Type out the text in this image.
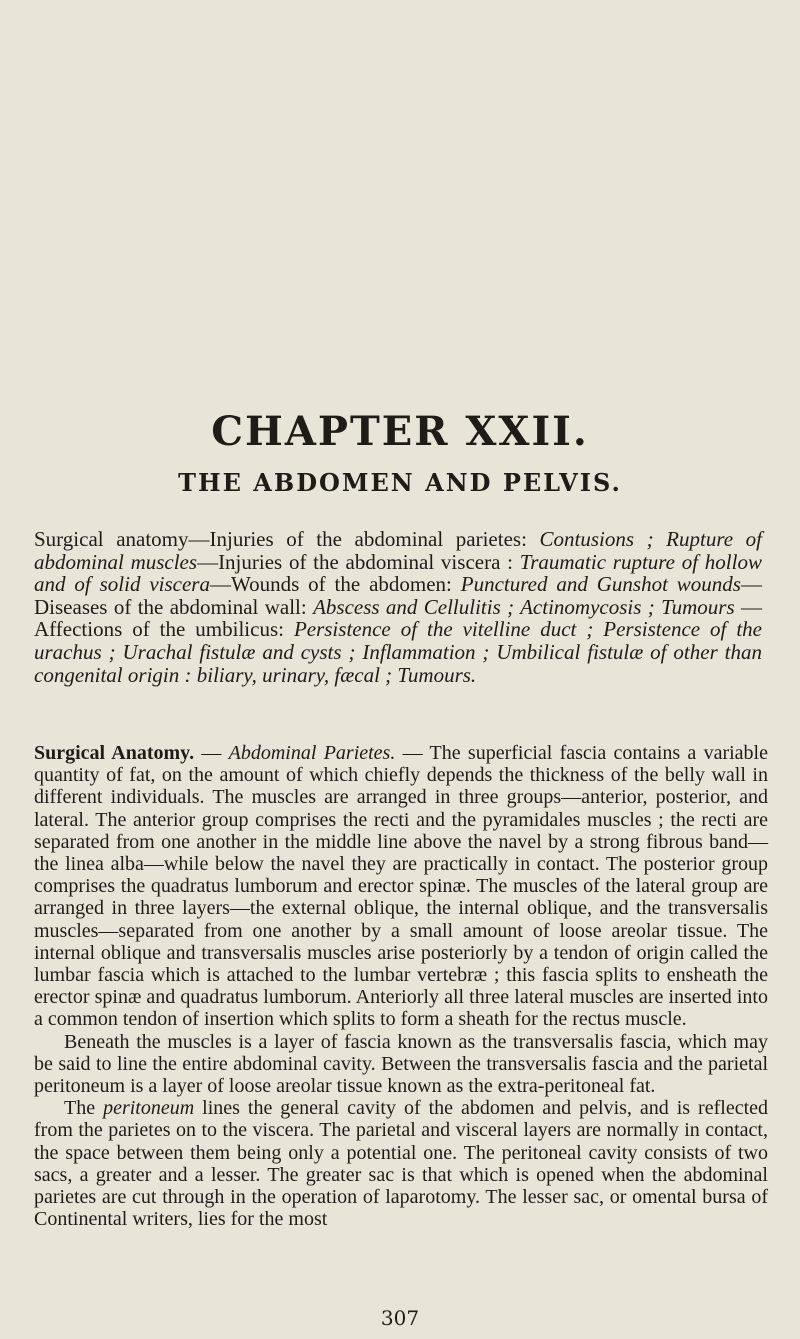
CHAPTER XXII.
THE ABDOMEN AND PELVIS.

Surgical anatomy—Injuries of the abdominal parietes: Contusions ; Rupture of abdominal muscles—Injuries of the abdominal viscera : Traumatic rupture of hollow and of solid viscera—Wounds of the abdomen: Punctured and Gunshot wounds— Diseases of the abdominal wall: Abscess and Cellulitis ; Actinomycosis ; Tumours —Affections of the umbilicus: Persistence of the vitelline duct ; Persistence of the urachus ; Urachal fistulæ and cysts ; Inflammation ; Umbilical fistulæ of other than congenital origin : biliary, urinary, fæcal ; Tumours.

Surgical Anatomy. — Abdominal Parietes. — The superficial fascia contains a variable quantity of fat, on the amount of which chiefly depends the thickness of the belly wall in different individuals. The muscles are arranged in three groups—anterior, posterior, and lateral. The anterior group comprises the recti and the pyramidales muscles ; the recti are separated from one another in the middle line above the navel by a strong fibrous band—the linea alba—while below the navel they are practically in contact. The posterior group comprises the quadratus lumborum and erector spinæ. The muscles of the lateral group are arranged in three layers—the external oblique, the internal oblique, and the transversalis muscles—separated from one another by a small amount of loose areolar tissue. The internal oblique and transversalis muscles arise posteriorly by a tendon of origin called the lumbar fascia which is attached to the lumbar vertebræ ; this fascia splits to ensheath the erector spinæ and quadratus lumborum. Anteriorly all three lateral muscles are inserted into a common tendon of insertion which splits to form a sheath for the rectus muscle.

Beneath the muscles is a layer of fascia known as the transversalis fascia, which may be said to line the entire abdominal cavity. Between the transversalis fascia and the parietal peritoneum is a layer of loose areolar tissue known as the extra-peritoneal fat.

The peritoneum lines the general cavity of the abdomen and pelvis, and is reflected from the parietes on to the viscera. The parietal and visceral layers are normally in contact, the space between them being only a potential one. The peritoneal cavity consists of two sacs, a greater and a lesser. The greater sac is that which is opened when the abdominal parietes are cut through in the operation of laparotomy. The lesser sac, or omental bursa of Continental writers, lies for the most

307
